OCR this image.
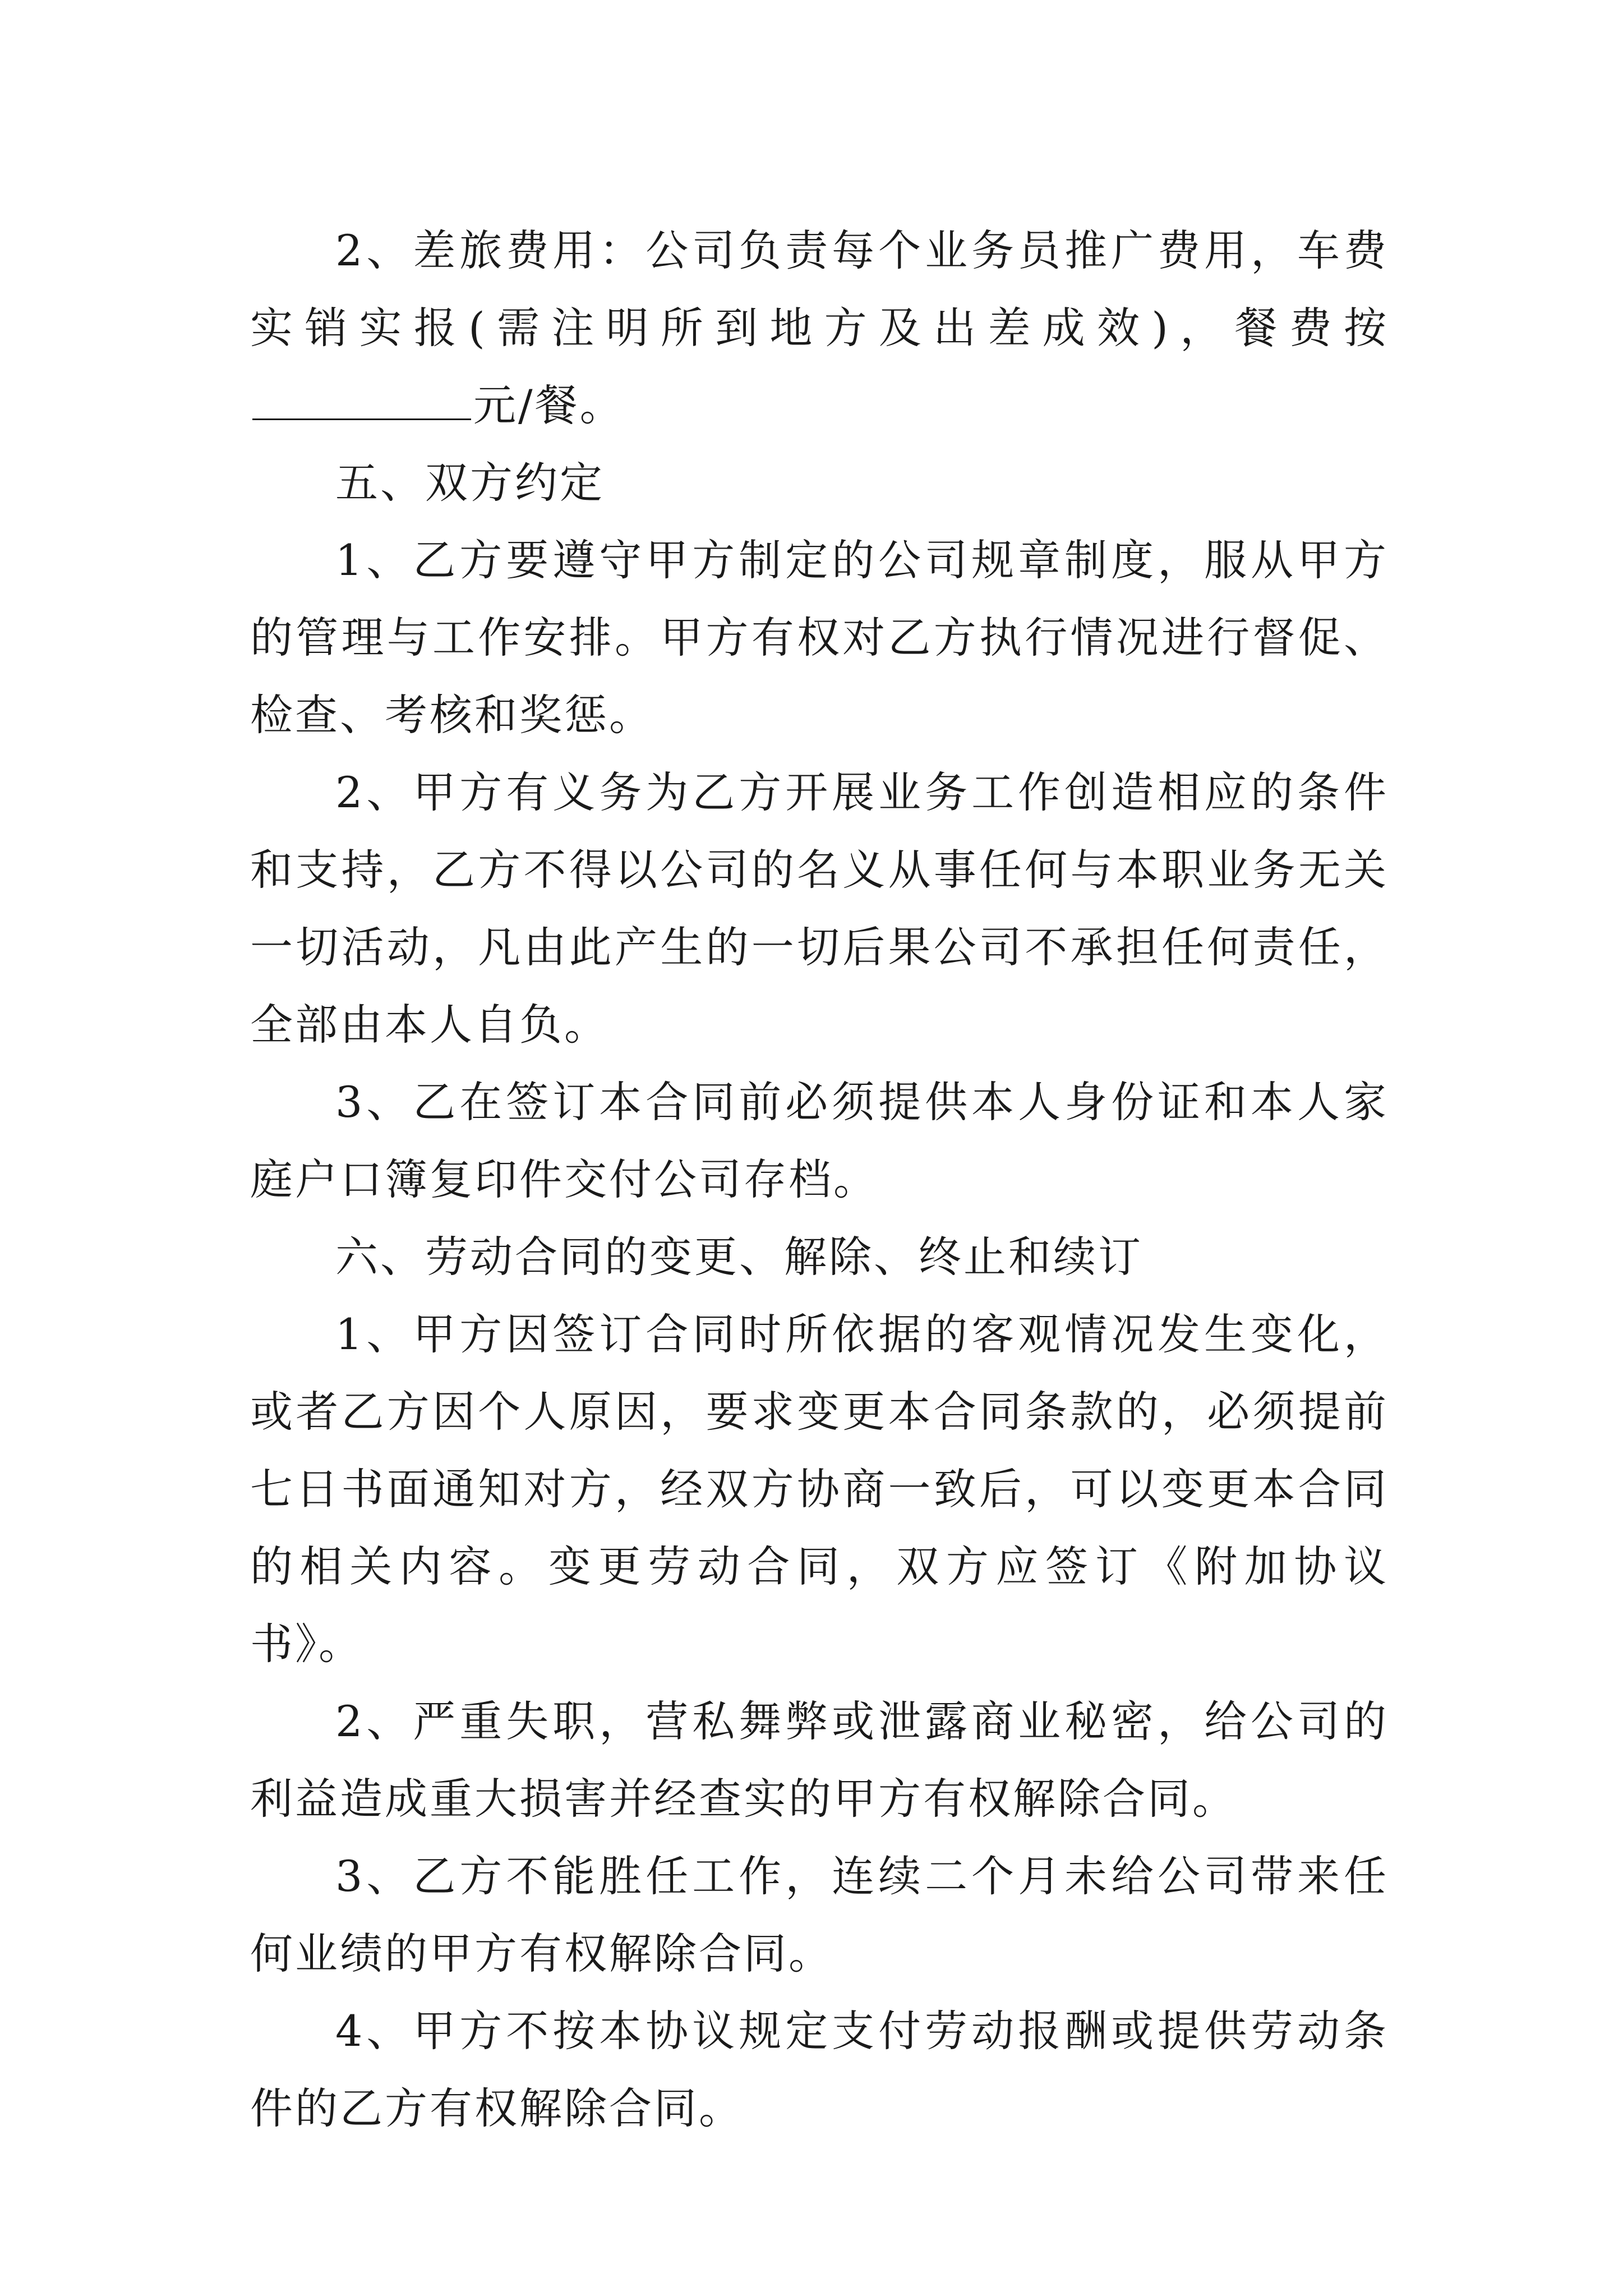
2、差旅费用：公司负责每个业务员推广费用，车费实销实报(需注明所到地方及出差成效)，餐费按元/餐。

五、双方约定

1、乙方要遵守甲方制定的公司规章制度，服从甲方的管理与工作安排。甲方有权对乙方执行情况进行督促、检查、考核和奖惩。

2、甲方有义务为乙方开展业务工作创造相应的条件和支持，乙方不得以公司的名义从事任何与本职业务无关一切活动，凡由此产生的一切后果公司不承担任何责任，全部由本人自负。

3、乙在签订本合同前必须提供本人身份证和本人家庭户口簿复印件交付公司存档。

六、劳动合同的变更、解除、终止和续订

1、甲方因签订合同时所依据的客观情况发生变化，或者乙方因个人原因，要求变更本合同条款的，必须提前七日书面通知对方，经双方协商一致后，可以变更本合同的相关内容。变更劳动合同，双方应签订《附加协议书》。

2、严重失职，营私舞弊或泄露商业秘密，给公司的利益造成重大损害并经查实的甲方有权解除合同。

3、乙方不能胜任工作，连续二个月未给公司带来任何业绩的甲方有权解除合同。

4、甲方不按本协议规定支付劳动报酬或提供劳动条件的乙方有权解除合同。
